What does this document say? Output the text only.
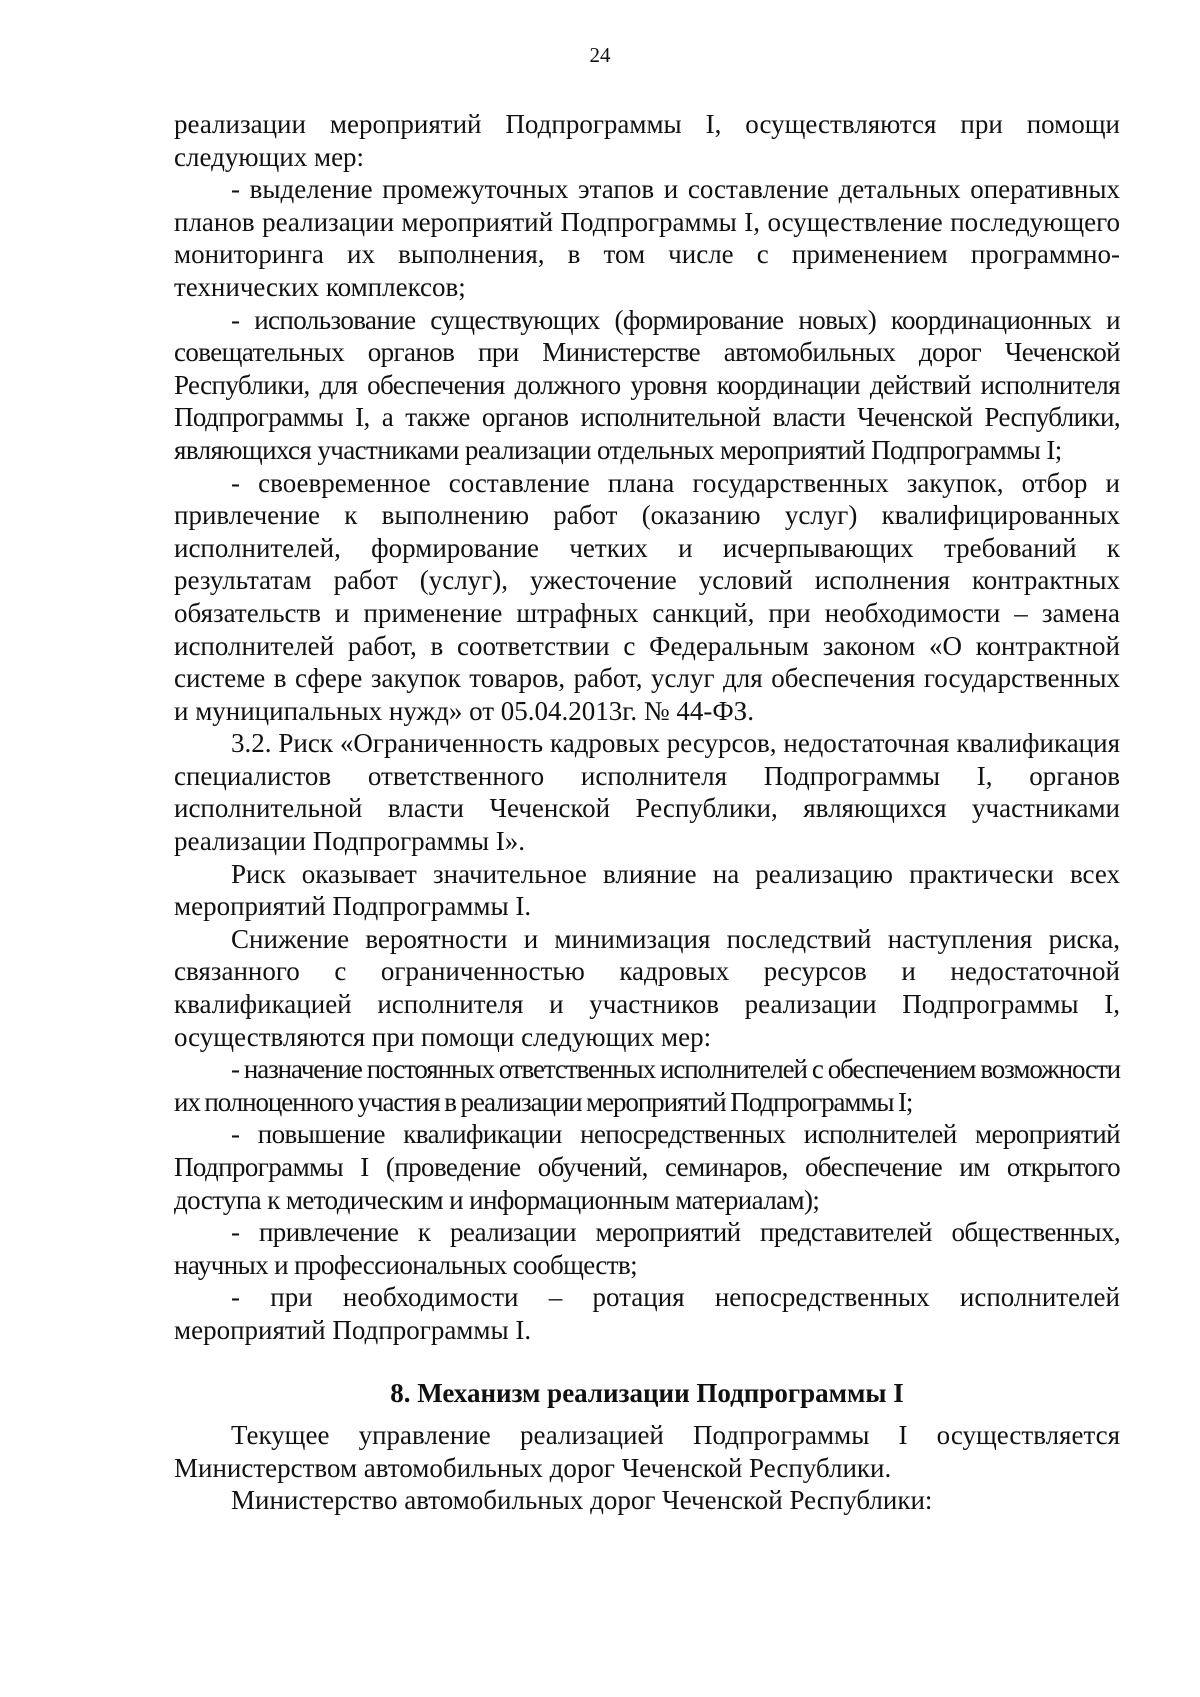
24

реализации мероприятий Подпрограммы I, осуществляются при помощи следующих мер:

- выделение промежуточных этапов и составление детальных оперативных планов реализации мероприятий Подпрограммы I, осуществление последующего мониторинга их выполнения, в том числе с применением программно-технических комплексов;

- использование существующих (формирование новых) координационных и совещательных органов при Министерстве автомобильных дорог Чеченской Республики, для обеспечения должного уровня координации действий исполнителя Подпрограммы I, а также органов исполнительной власти Чеченской Республики, являющихся участниками реализации отдельных мероприятий Подпрограммы I;

- своевременное составление плана государственных закупок, отбор и привлечение к выполнению работ (оказанию услуг) квалифицированных исполнителей, формирование четких и исчерпывающих требований к результатам работ (услуг), ужесточение условий исполнения контрактных обязательств и применение штрафных санкций, при необходимости – замена исполнителей работ, в соответствии с Федеральным законом «О контрактной системе в сфере закупок товаров, работ, услуг для обеспечения государственных и муниципальных нужд» от 05.04.2013г. № 44-ФЗ.

3.2. Риск «Ограниченность кадровых ресурсов, недостаточная квалификация специалистов ответственного исполнителя Подпрограммы I, органов исполнительной власти Чеченской Республики, являющихся участниками реализации Подпрограммы I».

Риск оказывает значительное влияние на реализацию практически всех мероприятий Подпрограммы I.

Снижение вероятности и минимизация последствий наступления риска, связанного с ограниченностью кадровых ресурсов и недостаточной квалификацией исполнителя и участников реализации Подпрограммы I, осуществляются при помощи следующих мер:

- назначение постоянных ответственных исполнителей с обеспечением возможности их полноценного участия в реализации мероприятий Подпрограммы I;

- повышение квалификации непосредственных исполнителей мероприятий Подпрограммы I (проведение обучений, семинаров, обеспечение им открытого доступа к методическим и информационным материалам);

- привлечение к реализации мероприятий представителей общественных, научных и профессиональных сообществ;

- при необходимости – ротация непосредственных исполнителей мероприятий Подпрограммы I.

8. Механизм реализации Подпрограммы I

Текущее управление реализацией Подпрограммы I осуществляется Министерством автомобильных дорог Чеченской Республики.

Министерство автомобильных дорог Чеченской Республики:
